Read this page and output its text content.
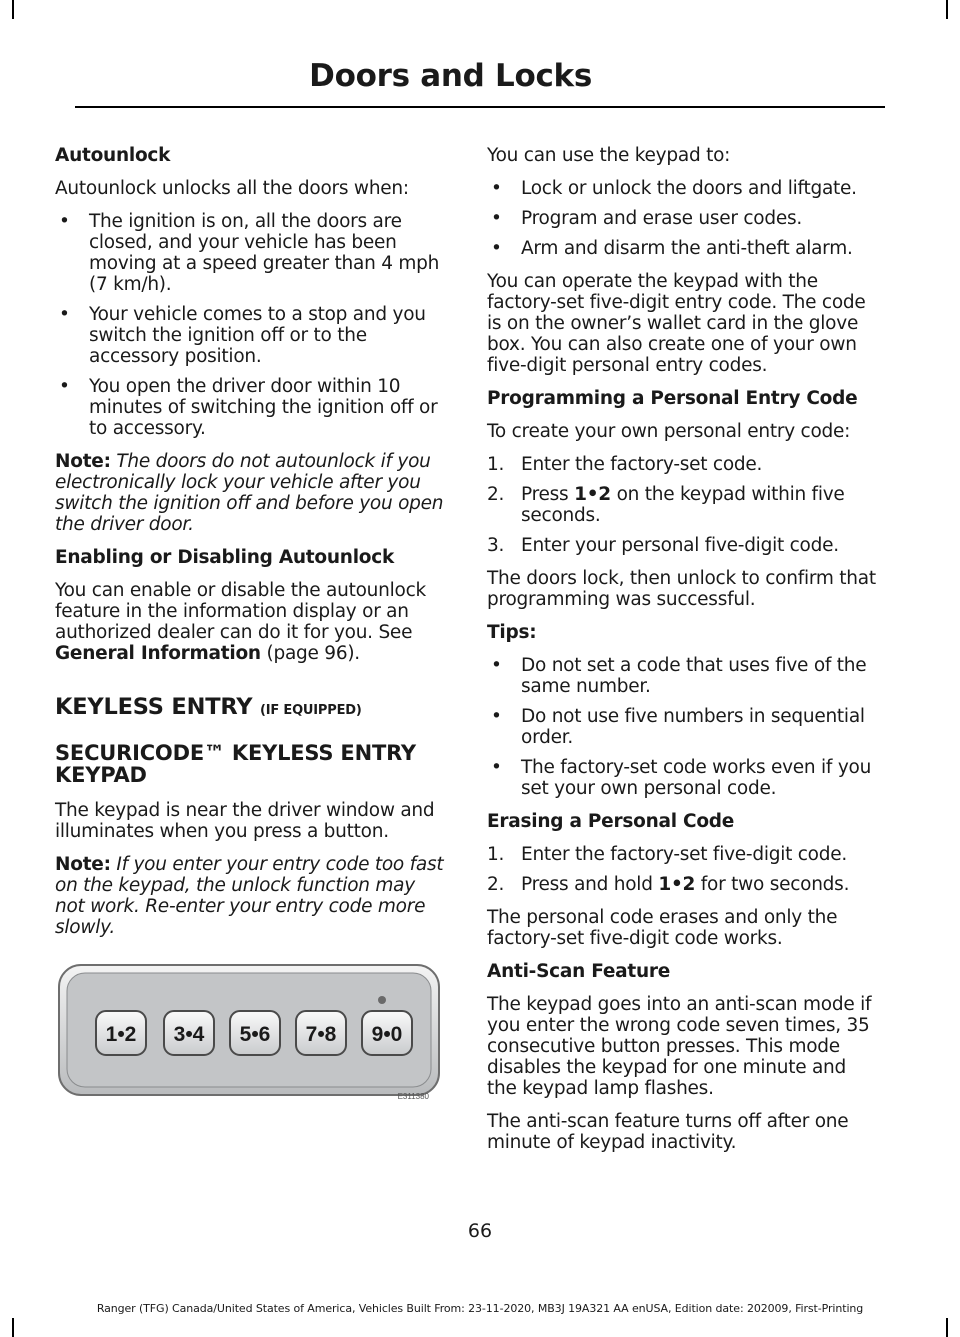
Doors and Locks

Autounlock

Autounlock unlocks all the doors when:

• The ignition is on, all the doors are closed, and your vehicle has been moving at a speed greater than 4 mph (7 km/h).
• Your vehicle comes to a stop and you switch the ignition off or to the accessory position.
• You open the driver door within 10 minutes of switching the ignition off or to accessory.

Note: The doors do not autounlock if you electronically lock your vehicle after you switch the ignition off and before you open the driver door.

Enabling or Disabling Autounlock

You can enable or disable the autounlock feature in the information display or an authorized dealer can do it for you. See General Information (page 96).

KEYLESS ENTRY (IF EQUIPPED)
SECURICODE™ KEYLESS ENTRY KEYPAD

The keypad is near the driver window and illuminates when you press a button.

Note: If you enter your entry code too fast on the keypad, the unlock function may not work. Re-enter your entry code more slowly.

1•2 3•4 5•6 7•8 9•0
E311380

You can use the keypad to:

• Lock or unlock the doors and liftgate.
• Program and erase user codes.
• Arm and disarm the anti-theft alarm.

You can operate the keypad with the factory-set five-digit entry code. The code is on the owner’s wallet card in the glove box. You can also create one of your own five-digit personal entry codes.

Programming a Personal Entry Code

To create your own personal entry code:

1. Enter the factory-set code.
2. Press 1•2 on the keypad within five seconds.
3. Enter your personal five-digit code.

The doors lock, then unlock to confirm that programming was successful.

Tips:

• Do not set a code that uses five of the same number.
• Do not use five numbers in sequential order.
• The factory-set code works even if you set your own personal code.

Erasing a Personal Code

1. Enter the factory-set five-digit code.
2. Press and hold 1•2 for two seconds.

The personal code erases and only the factory-set five-digit code works.

Anti-Scan Feature

The keypad goes into an anti-scan mode if you enter the wrong code seven times, 35 consecutive button presses. This mode disables the keypad for one minute and the keypad lamp flashes.

The anti-scan feature turns off after one minute of keypad inactivity.

66
Ranger (TFG) Canada/United States of America, Vehicles Built From: 23-11-2020, MB3J 19A321 AA enUSA, Edition date: 202009, First-Printing
